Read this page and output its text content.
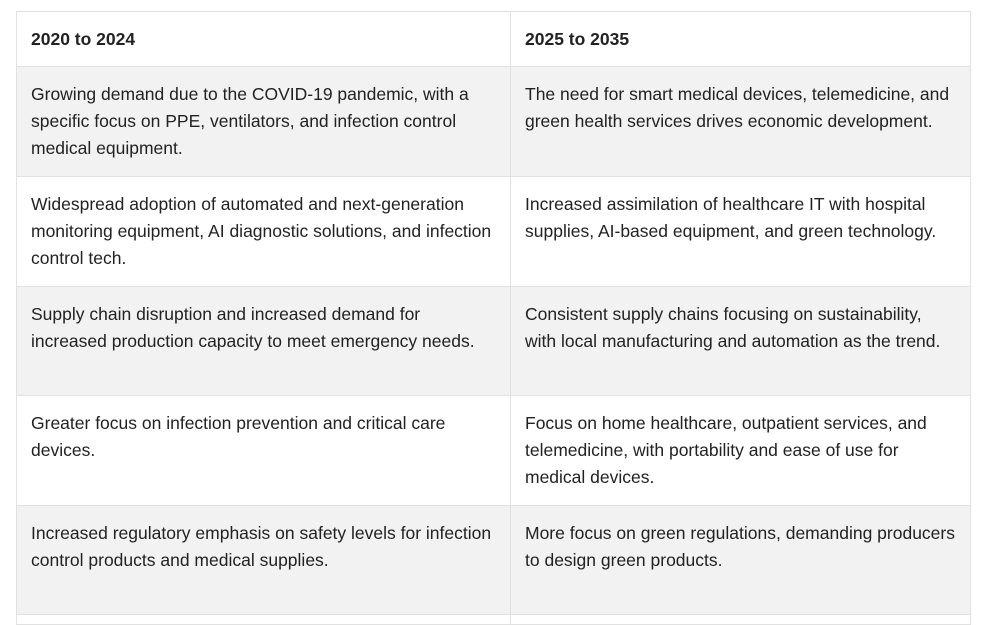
2020 to 2024	2025 to 2035
Growing demand due to the COVID-19 pandemic, with a specific focus on PPE, ventilators, and infection control medical equipment.	The need for smart medical devices, telemedicine, and green health services drives economic development.
Widespread adoption of automated and next-generation monitoring equipment, AI diagnostic solutions, and infection control tech.	Increased assimilation of healthcare IT with hospital supplies, AI-based equipment, and green technology.
Supply chain disruption and increased demand for increased production capacity to meet emergency needs.	Consistent supply chains focusing on sustainability, with local manufacturing and automation as the trend.
Greater focus on infection prevention and critical care devices.	Focus on home healthcare, outpatient services, and telemedicine, with portability and ease of use for medical devices.
Increased regulatory emphasis on safety levels for infection control products and medical supplies.	More focus on green regulations, demanding producers to design green products.
